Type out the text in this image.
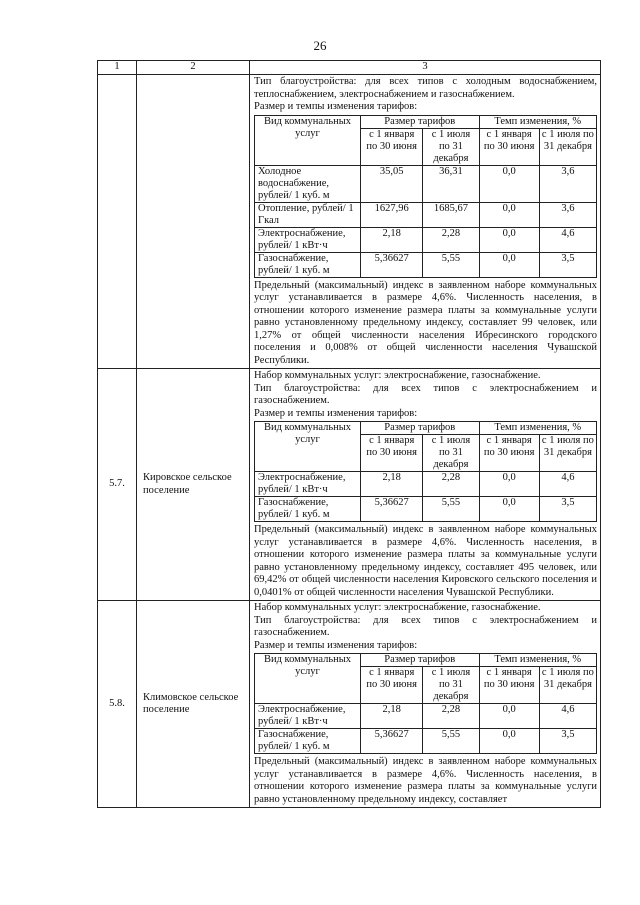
26
1	2	3

Тип благоустройства: для всех типов с холодным водоснабжением, теплоснабжением, электроснабжением и газоснабжением.
Размер и темпы изменения тарифов:
Вид коммунальных услуг	Размер тарифов	Темп изменения, %
с 1 января по 30 июня	с 1 июля по 31 декабря	с 1 января по 30 июня	с 1 июля по 31 декабря
Холодное водоснабжение, рублей/ 1 куб. м	35,05	36,31	0,0	3,6
Отопление, рублей/ 1 Гкал	1627,96	1685,67	0,0	3,6
Электроснабжение, рублей/ 1 кВт·ч	2,18	2,28	0,0	4,6
Газоснабжение, рублей/ 1 куб. м	5,36627	5,55	0,0	3,5
Предельный (максимальный) индекс в заявленном наборе коммунальных услуг устанавливается в размере 4,6%. Численность населения, в отношении которого изменение размера платы за коммунальные услуги равно установленному предельному индексу, составляет 99 человек, или 1,27% от общей численности населения Ибресинского городского поселения и 0,008% от общей численности населения Чувашской Республики.

5.7.	Кировское сельское поселение	
Набор коммунальных услуг: электроснабжение, газоснабжение.
Тип благоустройства: для всех типов с электроснабжением и газоснабжением.
Размер и темпы изменения тарифов:
Вид коммунальных услуг	Размер тарифов	Темп изменения, %
с 1 января по 30 июня	с 1 июля по 31 декабря	с 1 января по 30 июня	с 1 июля по 31 декабря
Электроснабжение, рублей/ 1 кВт·ч	2,18	2,28	0,0	4,6
Газоснабжение, рублей/ 1 куб. м	5,36627	5,55	0,0	3,5
Предельный (максимальный) индекс в заявленном наборе коммунальных услуг устанавливается в размере 4,6%. Численность населения, в отношении которого изменение размера платы за коммунальные услуги равно установленному предельному индексу, составляет 495 человек, или 69,42% от общей численности населения Кировского сельского поселения и 0,0401% от общей численности населения Чувашской Республики.

5.8.	Климовское сельское поселение	
Набор коммунальных услуг: электроснабжение, газоснабжение.
Тип благоустройства: для всех типов с электроснабжением и газоснабжением.
Размер и темпы изменения тарифов:
Вид коммунальных услуг	Размер тарифов	Темп изменения, %
с 1 января по 30 июня	с 1 июля по 31 декабря	с 1 января по 30 июня	с 1 июля по 31 декабря
Электроснабжение, рублей/ 1 кВт·ч	2,18	2,28	0,0	4,6
Газоснабжение, рублей/ 1 куб. м	5,36627	5,55	0,0	3,5
Предельный (максимальный) индекс в заявленном наборе коммунальных услуг устанавливается в размере 4,6%. Численность населения, в отношении которого изменение размера платы за коммунальные услуги равно установленному предельному индексу, составляет
